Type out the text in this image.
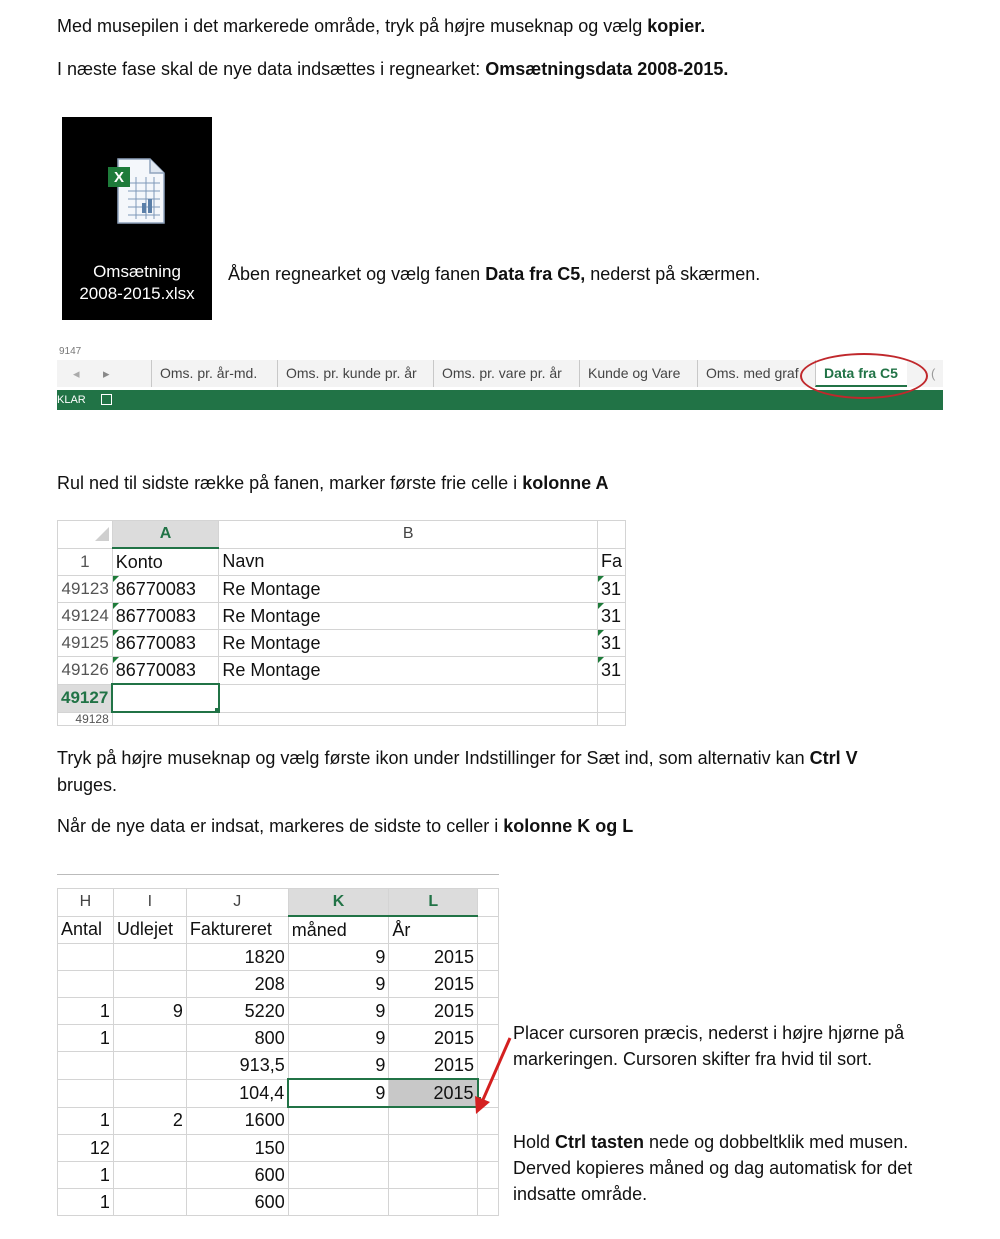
Med musepilen i det markerede område, tryk på højre museknap og vælg kopier.
I næste fase skal de nye data indsættes i regnearket: Omsætningsdata 2008-2015.
X
Omsætning
2008-2015.xlsx
Åben regnearket og vælg fanen Data fra C5, nederst på skærmen.
9147
◂ ▸	Oms. pr. år-md.	Oms. pr. kunde pr. år	Oms. pr. vare pr. år	Kunde og Vare	Oms. med graf	Data fra C5	(
KLAR
Rul ned til sidste række på fanen, marker første frie celle i kolonne A
	A	B	
1	Konto	Navn	Fa
49123	86770083	Re Montage	31
49124	86770083	Re Montage	31
49125	86770083	Re Montage	31
49126	86770083	Re Montage	31
49127	

49128			
Tryk på højre museknap og vælg første ikon under Indstillinger for Sæt ind, som alternativ kan Ctrl V
bruges.
Når de nye data er indsat, markeres de sidste to celler i kolonne K og L
H	I	J	K	L	
Antal	Udlejet	Faktureret	måned	År	
		1820	9	2015	
		208	9	2015	
1	9	5220	9	2015	
1		800	9	2015	
		913,5	9	2015	
		104,4	9	2015	

1	2	1600			
12		150			
1		600			
1		600			
Placer cursoren præcis, nederst i højre hjørne på
markeringen. Cursoren skifter fra hvid til sort.
Hold Ctrl tasten nede og dobbeltklik med musen.
Derved kopieres måned og dag automatisk for det
indsatte område.
